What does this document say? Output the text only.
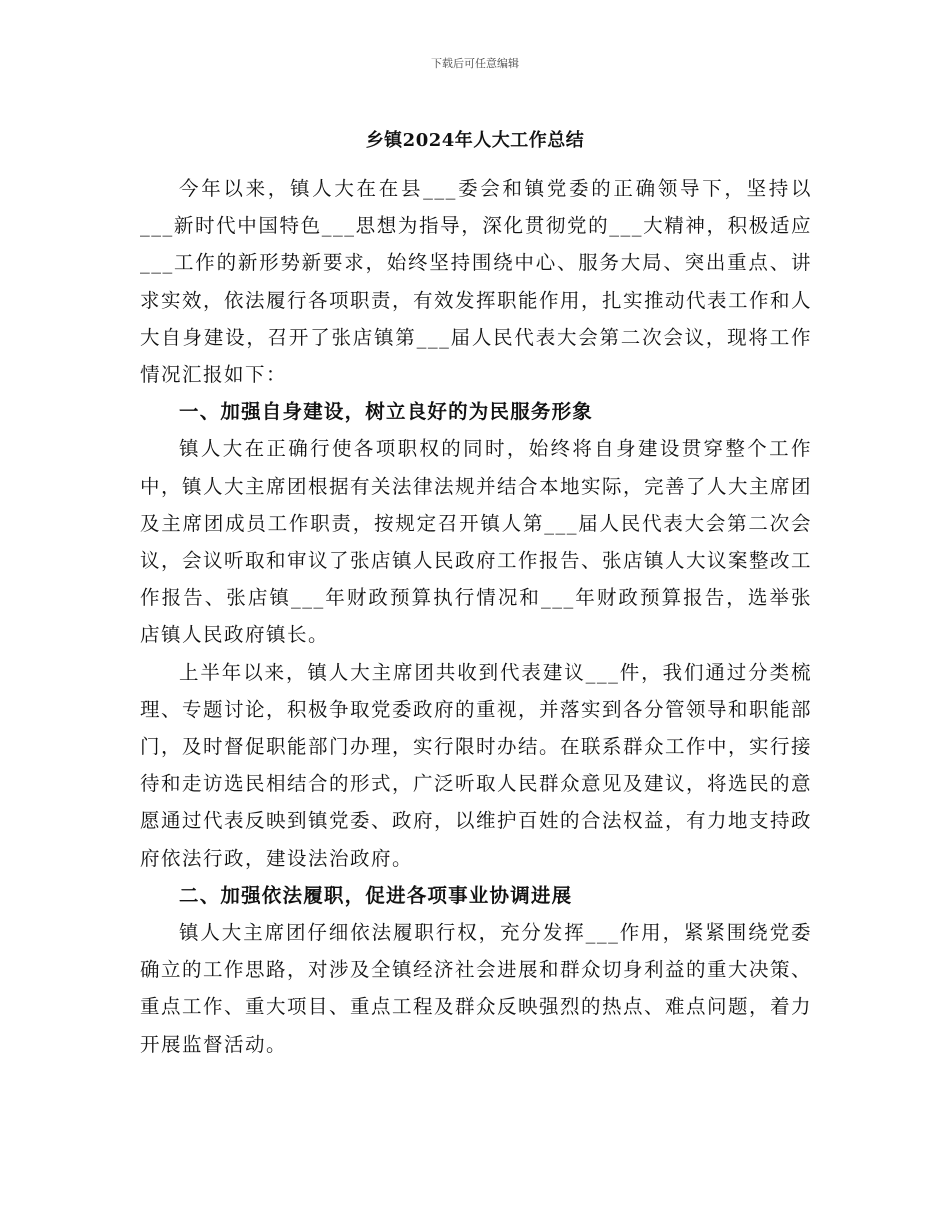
下载后可任意编辑
乡镇2024年人大工作总结

今年以来，镇人大在在县___委会和镇党委的正确领导下，坚持以___新时代中国特色___思想为指导，深化贯彻党的___大精神，积极适应___工作的新形势新要求，始终坚持围绕中心、服务大局、突出重点、讲求实效，依法履行各项职责，有效发挥职能作用，扎实推动代表工作和人大自身建设，召开了张店镇第___届人民代表大会第二次会议，现将工作情况汇报如下：

一、加强自身建设，树立良好的为民服务形象

镇人大在正确行使各项职权的同时，始终将自身建设贯穿整个工作中，镇人大主席团根据有关法律法规并结合本地实际，完善了人大主席团及主席团成员工作职责，按规定召开镇人第___届人民代表大会第二次会议，会议听取和审议了张店镇人民政府工作报告、张店镇人大议案整改工作报告、张店镇___年财政预算执行情况和___年财政预算报告，选举张店镇人民政府镇长。

上半年以来，镇人大主席团共收到代表建议___件，我们通过分类梳理、专题讨论，积极争取党委政府的重视，并落实到各分管领导和职能部门，及时督促职能部门办理，实行限时办结。在联系群众工作中，实行接待和走访选民相结合的形式，广泛听取人民群众意见及建议，将选民的意愿通过代表反映到镇党委、政府，以维护百姓的合法权益，有力地支持政府依法行政，建设法治政府。

二、加强依法履职，促进各项事业协调进展

镇人大主席团仔细依法履职行权，充分发挥___作用，紧紧围绕党委确立的工作思路，对涉及全镇经济社会进展和群众切身利益的重大决策、重点工作、重大项目、重点工程及群众反映强烈的热点、难点问题，着力开展监督活动。
